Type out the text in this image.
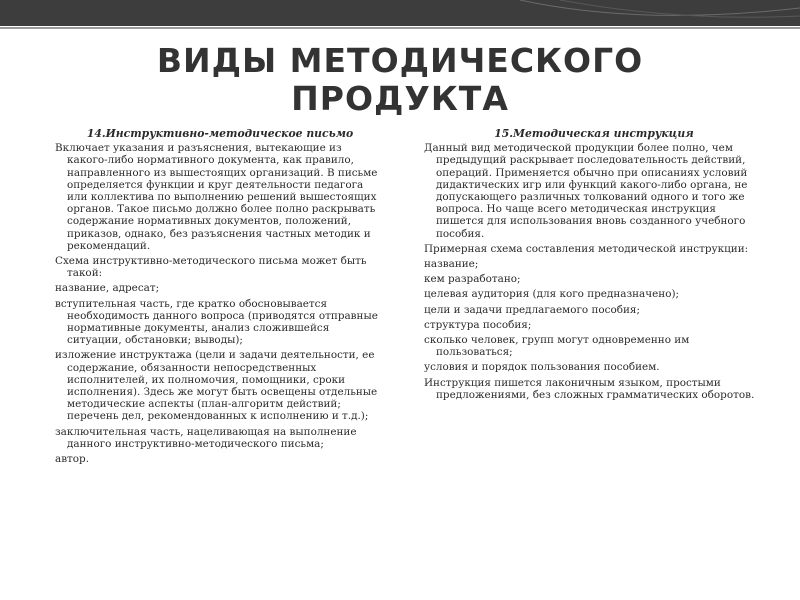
ВИДЫ МЕТОДИЧЕСКОГО
ПРОДУКТА
14.Инструктивно-методическое письмо

Включает указания и разъяснения, вытекающие из какого-либо нормативного документа, как правило, направленного из вышестоящих организаций. В письме определяется функции и круг деятельности педагога или коллектива по выполнению решений вышестоящих органов. Такое письмо должно более полно раскрывать содержание нормативных документов, положений, приказов, однако, без разъяснения частных методик и рекомендаций.

Схема инструктивно-методического письма может быть такой:

название, адресат;

вступительная часть, где кратко обосновывается необходимость данного вопроса (приводятся отправные нормативные документы, анализ сложившейся ситуации, обстановки; выводы);

изложение инструктажа (цели и задачи деятельности, ее содержание, обязанности непосредственных исполнителей, их полномочия, помощники, сроки исполнения). Здесь же могут быть освещены отдельные методические аспекты (план-алгоритм действий; перечень дел, рекомендованных к исполнению и т.д.);

заключительная часть, нацеливающая на выполнение данного инструктивно-методического письма;

автор.

15.Методическая инструкция

Данный вид методической продукции более полно, чем предыдущий раскрывает последовательность действий, операций. Применяется обычно при описаниях условий дидактических игр или функций какого-либо органа, не допускающего различных толкований одного и того же вопроса. Но чаще всего методическая инструкция пишется для использования вновь созданного учебного пособия.

Примерная схема составления методической инструкции:

название;

кем разработано;

целевая аудитория (для кого предназначено);

цели и задачи предлагаемого пособия;

структура пособия;

сколько человек, групп могут одновременно им пользоваться;

условия и порядок пользования пособием.

Инструкция пишется лаконичным языком, простыми предложениями, без сложных грамматических оборотов.
